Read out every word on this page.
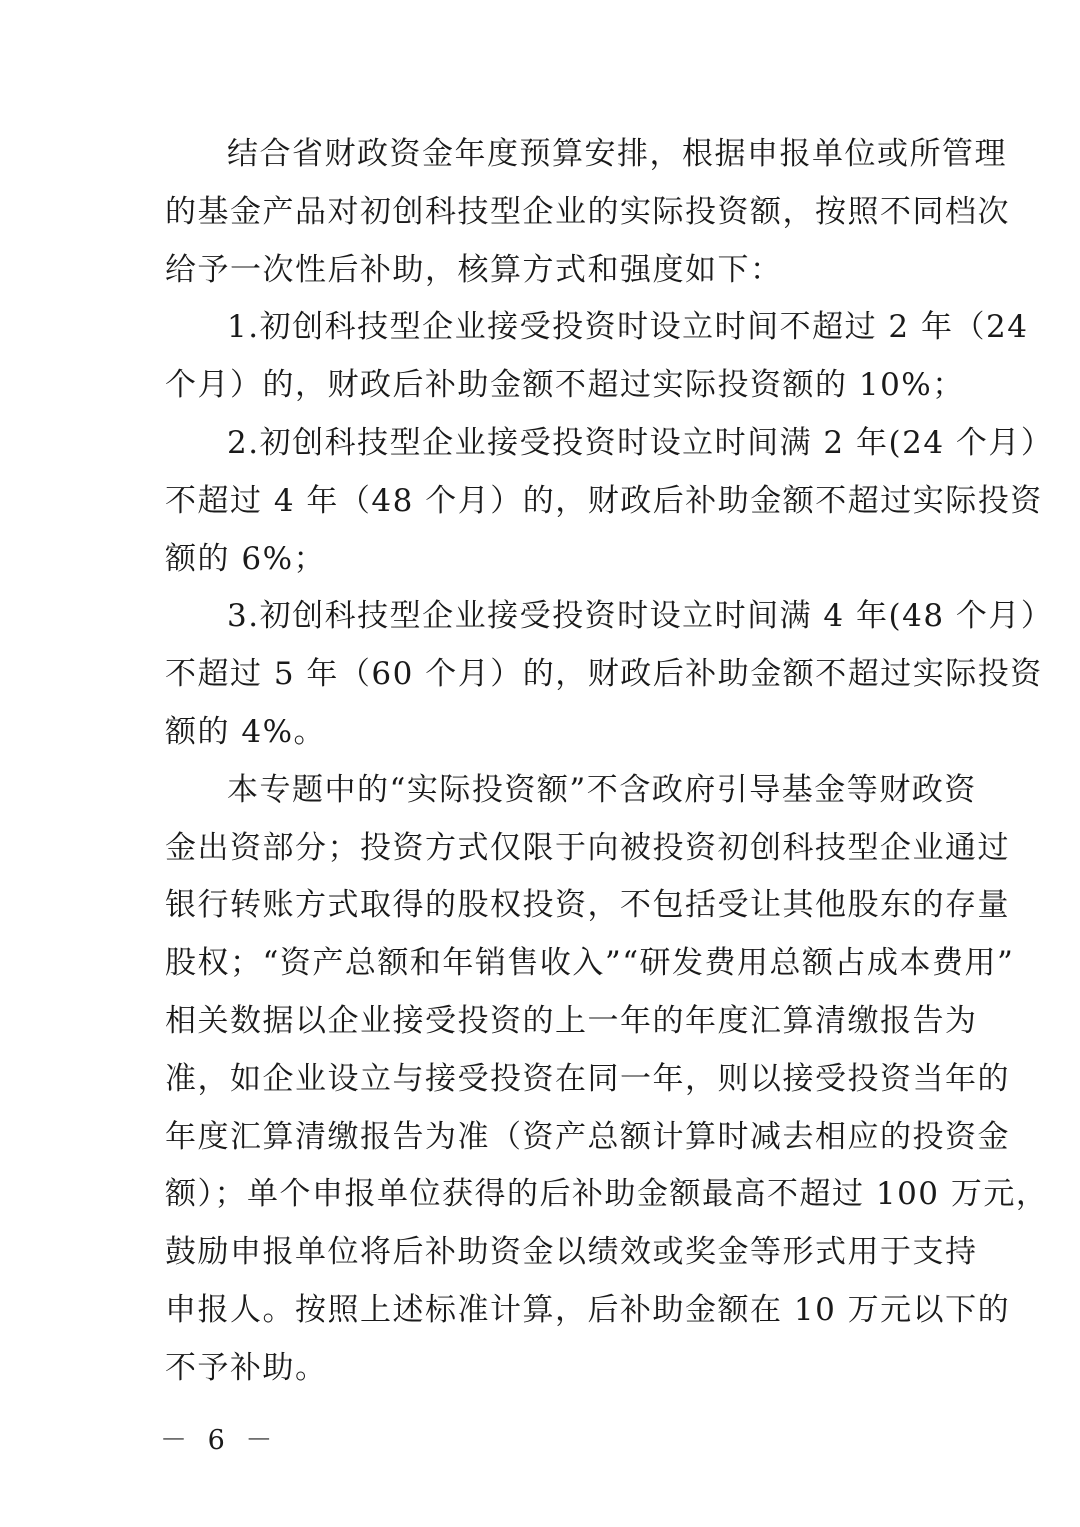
结合省财政资金年度预算安排，根据申报单位或所管理
的基金产品对初创科技型企业的实际投资额，按照不同档次
给予一次性后补助，核算方式和强度如下：

1.初创科技型企业接受投资时设立时间不超过 2 年（24
个月）的，财政后补助金额不超过实际投资额的 10%；

2.初创科技型企业接受投资时设立时间满 2 年(24 个月）
不超过 4 年（48 个月）的，财政后补助金额不超过实际投资
额的 6%；

3.初创科技型企业接受投资时设立时间满 4 年(48 个月）
不超过 5 年（60 个月）的，财政后补助金额不超过实际投资
额的 4%。

本专题中的“实际投资额”不含政府引导基金等财政资
金出资部分；投资方式仅限于向被投资初创科技型企业通过
银行转账方式取得的股权投资，不包括受让其他股东的存量
股权；“资产总额和年销售收入”“研发费用总额占成本费用”
相关数据以企业接受投资的上一年的年度汇算清缴报告为
准，如企业设立与接受投资在同一年，则以接受投资当年的
年度汇算清缴报告为准（资产总额计算时减去相应的投资金
额）；单个申报单位获得的后补助金额最高不超过 100 万元，
鼓励申报单位将后补助资金以绩效或奖金等形式用于支持
申报人。按照上述标准计算，后补助金额在 10 万元以下的
不予补助。

－ 6 －
